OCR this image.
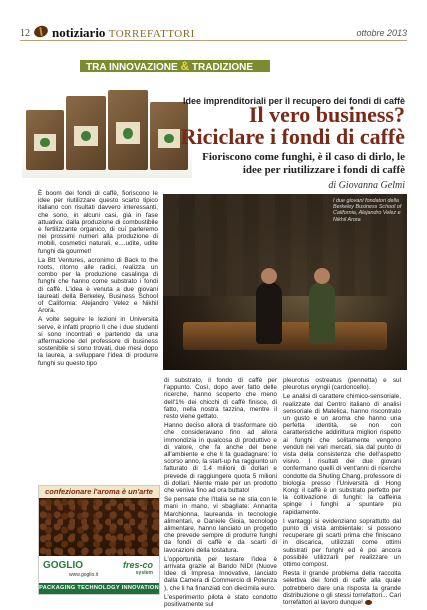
12 notiziario TORREFATTORI	ottobre 2013
TRA INNOVAZIONE & TRADIZIONE
Idee imprenditoriali per il recupero dei fondi di caffè
Il vero business?
Riciclare i fondi di caffè
Fioriscono come funghi, è il caso di dirlo, le idee per riutilizzare i fondi di caffè
di Giovanna Gelmi

È boom dei fondi di caffè, fioriscono le idee per riutilizzare questo scarto tipico italiano con risultati davvero interessanti, che sono, in alcuni casi, già in fase attuativa: dalla produzione di combustibile e fertilizzante organico, di cui parleremo nei prossimi numeri alla produzione di mobili, cosmetici naturali, e....udite, udite funghi da gourmet!

La Btt Ventures, acronimo di Back to the roots, ritorno alle radici, realizza un combo per la produzione casalinga di funghi che hanno come substrato i fondi di caffè. L'idea è venuta a due giovani laureati della Berkeley, Business School of California: Alejandro Velez e Nikhil Arora.

A volte seguire le lezioni in Università serve, è infatti proprio lì che i due studenti si sono incontrati e partendo da una affermazione del professore di business sostenibile si sono trovati, due mesi dopo la laurea, a sviluppare l'idea di produrre funghi su questo tipo

I due giovani fondatori della Berkeley Business School of California, Alejandro Velez e Nikhil Arora

di substrato, il fondo di caffè per l'appunto. Così, dopo aver fatto delle ricerche, hanno scoperto che meno dell'1% dei chicchi di caffè finisce, di fatto, nella nostra tazzina, mentre il resto viene gettato.

Hanno deciso allora di trasformare ciò che consideravano fino ad allora immondizia in qualcosa di produttivo e di valore, che fa anche del bene all'ambiente e che li fa guadagnare: lo scorso anno, la start-up ha raggiunto un fatturato di 1.4 milioni di dollari e prevede di raggiungere quota 5 milioni di dollari. Niente male per un prodotto che veniva fino ad ora buttato!

Se pensate che l'Italia se ne stia con le mani in mano, vi sbagliate: Annarita Marchionna, laureanda in tecnologie alimentari, e Daniele Gioia, tecnologo alimentare, hanno lanciato un progetto che prevede sempre di produrre funghi da fondi di caffè e da scarti di lavorazioni della tostatura.

L'opportunità per testare l'idea è arrivata grazie al Bando NIDI (Nuove Idee di Impresa Innovative, lanciato dalla Camera di Commercio di Potenza ), che li ha finanziati con diecimila euro.

L'esperimento pilota è stato condotto positivamente sul

pleurotus ostreatus (pennetta) e sul pleurotus eryngii (cardoncello).

Le analisi di carattere chimico-sensoriale, realizzate dal Centro italiano di analisi sensoriale di Matelica, hanno riscontrato un gusto e un aroma che hanno una perfetta identità, se non con caratteristiche addirittura migliori rispetto ai funghi che solitamente vengono venduti nei vari mercati, sia dal punto di vista della consistenza che dell'aspetto visivo. I risultati dei due giovani confermano quelli di vent'anni di ricerche condotte da Shuting Chang, professore di biologia presso l'Università di Hong Kong: il caffè è un substrato perfetto per la coltivazione di funghi: la caffeina spinge i funghi a spuntare più rapidamente.

I vantaggi si evidenziano soprattutto dal punto di vista ambientale: si possono recuperare gli scarti prima che finiscano in discarica, utilizzati come ottimi substrati per funghi ed è poi ancora possibile utilizzarli per realizzare un ottimo compost.

Resta il grande problema della raccolta selettiva dei fondi di caffè alla quale potrebbero dare una risposta la grande distribuzione o gli stessi torrefattori... Cari torrefattori al lavoro dunque!

confezionare l'aroma è un'arte
GOGLIO	fres-co
system
www.goglio.it
PACKAGING TECHNOLOGY INNOVATION
